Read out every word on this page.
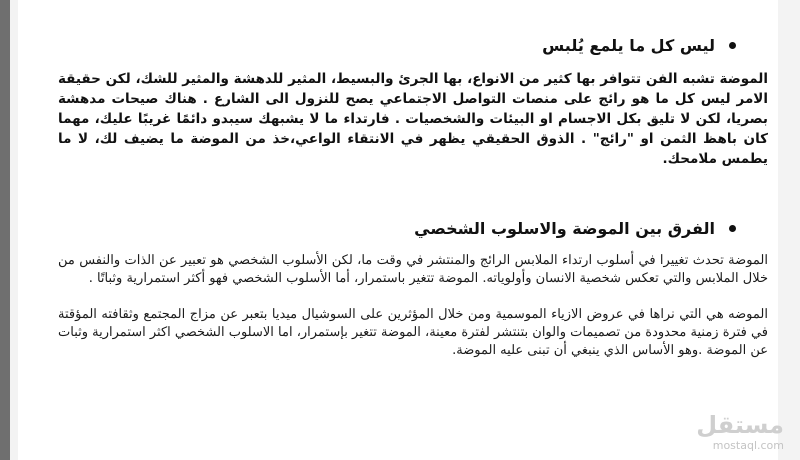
ليس كل ما يلمع يُلبس

الموضة تشبه الفن تتوافر بها كثير من الانواع، بها الجرئ والبسيط، المثير للدهشة والمثير للشك، لكن حقيقة الامر ليس كل ما هو رائج على منصات التواصل الاجتماعي يصح للنزول الى الشارع . هناك صيحات مدهشة بصريا، لكن لا تليق بكل الاجسام او البيئات والشخصيات . فارتداء ما لا يشبهك سيبدو دائمًا غريبًا عليك، مهما كان باهظ الثمن او "رائج" . الذوق الحقيقي يظهر في الانتقاء الواعي،خذ من الموضة ما يضيف لك، لا ما يطمس ملامحك.

الفرق بين الموضة والاسلوب الشخصي

الموضة تحدث تغييرا في أسلوب ارتداء الملابس الرائج والمنتشر في وقت ما، لكن الأسلوب الشخصي هو تعبير عن الذات والنفس من خلال الملابس والتي تعكس شخصية الانسان وأولوياته. الموضة تتغير باستمرار، أما الأسلوب الشخصي فهو أكثر استمرارية وثباتًا .

الموضه هي التي نراها في عروض الازياء الموسمية ومن خلال المؤثرين على السوشيال ميديا بتعبر عن مزاج المجتمع وثقافته المؤقتة في فترة زمنية محدودة من تصميمات والوان بتنتشر لفترة معينة، الموضة تتغير بإستمرار، اما الاسلوب الشخصي اكثر استمرارية وثبات عن الموضة .وهو الأساس الذي ينبغي أن تبنى عليه الموضة.

مستقل
mostaql.com
